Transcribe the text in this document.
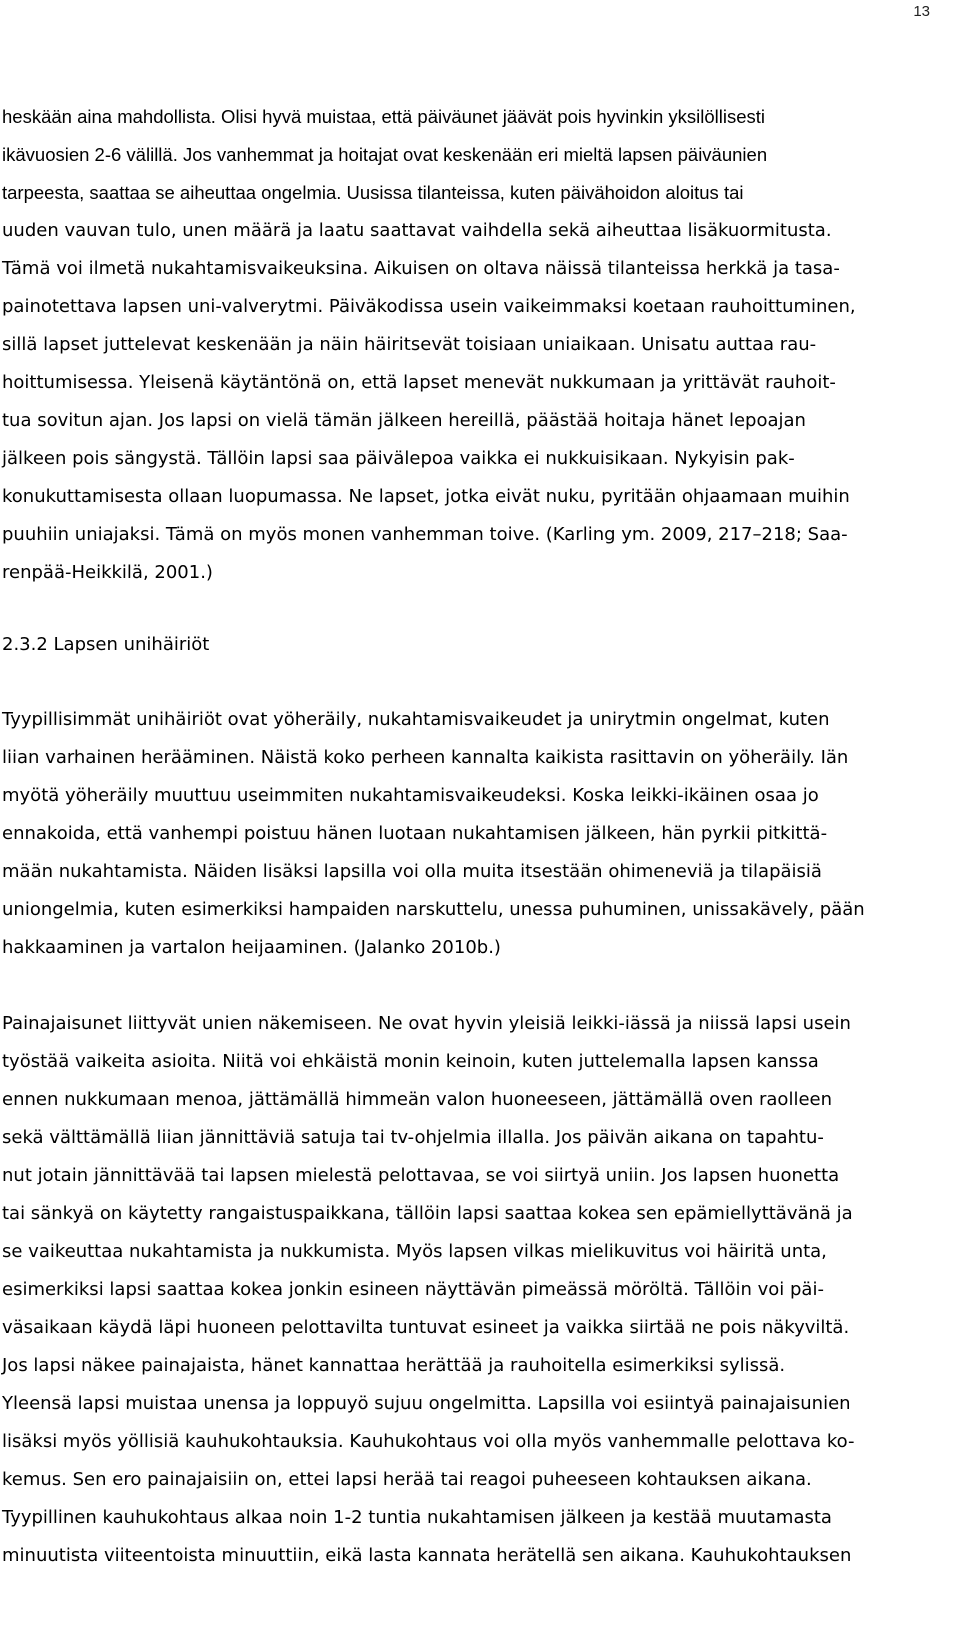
13
heskään aina mahdollista. Olisi hyvä muistaa, että päiväunet jäävät pois hyvinkin yksilöllisesti
ikävuosien 2-6 välillä. Jos vanhemmat ja hoitajat ovat keskenään eri mieltä lapsen päiväunien
tarpeesta, saattaa se aiheuttaa ongelmia. Uusissa tilanteissa, kuten päivähoidon aloitus tai
uuden vauvan tulo, unen määrä ja laatu saattavat vaihdella sekä aiheuttaa lisäkuormitusta.
Tämä voi ilmetä nukahtamisvaikeuksina. Aikuisen on oltava näissä tilanteissa herkkä ja tasa-
painotettava lapsen uni-valverytmi. Päiväkodissa usein vaikeimmaksi koetaan rauhoittuminen,
sillä lapset juttelevat keskenään ja näin häiritsevät toisiaan uniaikaan. Unisatu auttaa rau-
hoittumisessa. Yleisenä käytäntönä on, että lapset menevät nukkumaan ja yrittävät rauhoit-
tua sovitun ajan. Jos lapsi on vielä tämän jälkeen hereillä, päästää hoitaja hänet lepoajan
jälkeen pois sängystä. Tällöin lapsi saa päivälepoa vaikka ei nukkuisikaan. Nykyisin pak-
konukuttamisesta ollaan luopumassa. Ne lapset, jotka eivät nuku, pyritään ohjaamaan muihin
puuhiin uniajaksi. Tämä on myös monen vanhemman toive. (Karling ym. 2009, 217–218; Saa-
renpää-Heikkilä, 2001.)
2.3.2 Lapsen unihäiriöt
Tyypillisimmät unihäiriöt ovat yöheräily, nukahtamisvaikeudet ja unirytmin ongelmat, kuten
liian varhainen herääminen. Näistä koko perheen kannalta kaikista rasittavin on yöheräily. Iän
myötä yöheräily muuttuu useimmiten nukahtamisvaikeudeksi. Koska leikki-ikäinen osaa jo
ennakoida, että vanhempi poistuu hänen luotaan nukahtamisen jälkeen, hän pyrkii pitkittä-
mään nukahtamista. Näiden lisäksi lapsilla voi olla muita itsestään ohimeneviä ja tilapäisiä
uniongelmia, kuten esimerkiksi hampaiden narskuttelu, unessa puhuminen, unissakävely, pään
hakkaaminen ja vartalon heijaaminen. (Jalanko 2010b.)
Painajaisunet liittyvät unien näkemiseen. Ne ovat hyvin yleisiä leikki-iässä ja niissä lapsi usein
työstää vaikeita asioita. Niitä voi ehkäistä monin keinoin, kuten juttelemalla lapsen kanssa
ennen nukkumaan menoa, jättämällä himmeän valon huoneeseen, jättämällä oven raolleen
sekä välttämällä liian jännittäviä satuja tai tv-ohjelmia illalla. Jos päivän aikana on tapahtu-
nut jotain jännittävää tai lapsen mielestä pelottavaa, se voi siirtyä uniin. Jos lapsen huonetta
tai sänkyä on käytetty rangaistuspaikkana, tällöin lapsi saattaa kokea sen epämiellyttävänä ja
se vaikeuttaa nukahtamista ja nukkumista. Myös lapsen vilkas mielikuvitus voi häiritä unta,
esimerkiksi lapsi saattaa kokea jonkin esineen näyttävän pimeässä möröltä. Tällöin voi päi-
väsaikaan käydä läpi huoneen pelottavilta tuntuvat esineet ja vaikka siirtää ne pois näkyviltä.
Jos lapsi näkee painajaista, hänet kannattaa herättää ja rauhoitella esimerkiksi sylissä.
Yleensä lapsi muistaa unensa ja loppuyö sujuu ongelmitta. Lapsilla voi esiintyä painajaisunien
lisäksi myös yöllisiä kauhukohtauksia. Kauhukohtaus voi olla myös vanhemmalle pelottava ko-
kemus. Sen ero painajaisiin on, ettei lapsi herää tai reagoi puheeseen kohtauksen aikana.
Tyypillinen kauhukohtaus alkaa noin 1-2 tuntia nukahtamisen jälkeen ja kestää muutamasta
minuutista viiteentoista minuuttiin, eikä lasta kannata herätellä sen aikana. Kauhukohtauksen
